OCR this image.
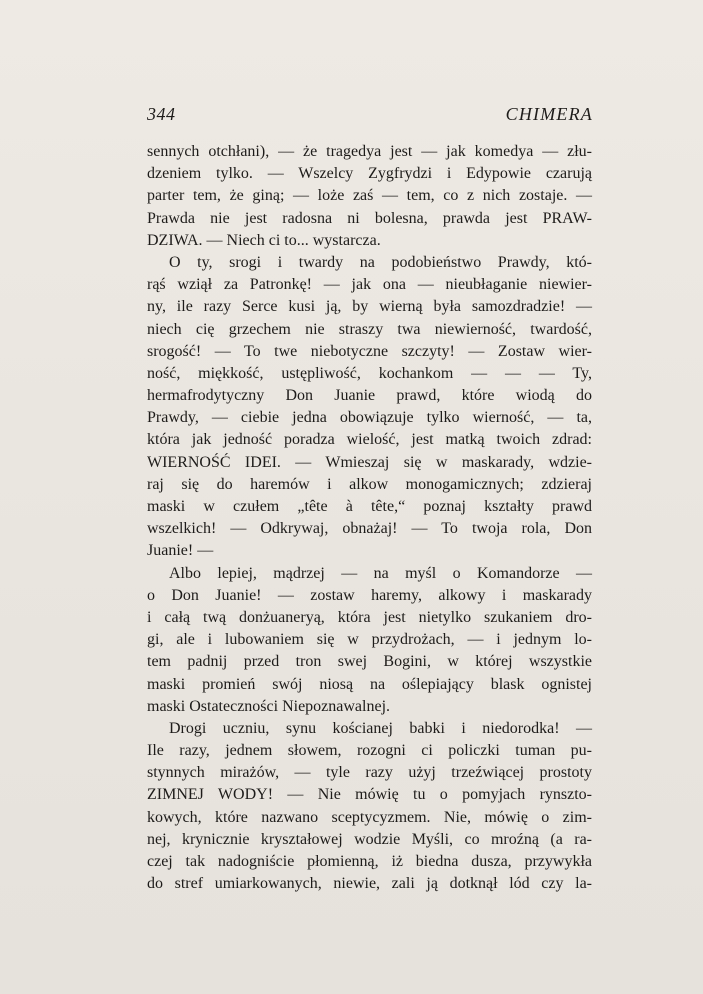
344	CHIMERA
sennych otchłani), — że tragedya jest — jak komedya — złu-
dzeniem tylko. — Wszelcy Zygfrydzi i Edypowie czarują
parter tem, że giną; — loże zaś — tem, co z nich zostaje. —
Prawda nie jest radosna ni bolesna, prawda jest PRAW-
DZIWA. — Niech ci to... wystarcza.
O ty, srogi i twardy na podobieństwo Prawdy, któ-
rąś wziął za Patronkę! — jak ona — nieubłaganie niewier-
ny, ile razy Serce kusi ją, by wierną była samozdradzie! —
niech cię grzechem nie straszy twa niewierność, twardość,
srogość! — To twe niebotyczne szczyty! — Zostaw wier-
ność, miękkość, ustępliwość, kochankom — — — Ty,
hermafrodytyczny Don Juanie prawd, które wiodą do
Prawdy, — ciebie jedna obowiązuje tylko wierność, — ta,
która jak jedność poradza wielość, jest matką twoich zdrad:
WIERNOŚĆ IDEI. — Wmieszaj się w maskarady, wdzie-
raj się do haremów i alkow monogamicznych; zdzieraj
maski w czułem „tête à tête,“ poznaj kształty prawd
wszelkich! — Odkrywaj, obnażaj! — To twoja rola, Don
Juanie! —
Albo lepiej, mądrzej — na myśl o Komandorze —
o Don Juanie! — zostaw haremy, alkowy i maskarady
i całą twą donżuaneryą, która jest nietylko szukaniem dro-
gi, ale i lubowaniem się w przydrożach, — i jednym lo-
tem padnij przed tron swej Bogini, w której wszystkie
maski promień swój niosą na oślepiający blask ognistej
maski Ostateczności Niepoznawalnej.
Drogi uczniu, synu kościanej babki i niedorodka! —
Ile razy, jednem słowem, rozogni ci policzki tuman pu-
stynnych mirażów, — tyle razy użyj trzeźwiącej prostoty
ZIMNEJ WODY! — Nie mówię tu o pomyjach rynszto-
kowych, które nazwano sceptycyzmem. Nie, mówię o zim-
nej, krynicznie kryształowej wodzie Myśli, co mroźną (a ra-
czej tak nadogniście płomienną, iż biedna dusza, przywykła
do stref umiarkowanych, niewie, zali ją dotknął lód czy la-
